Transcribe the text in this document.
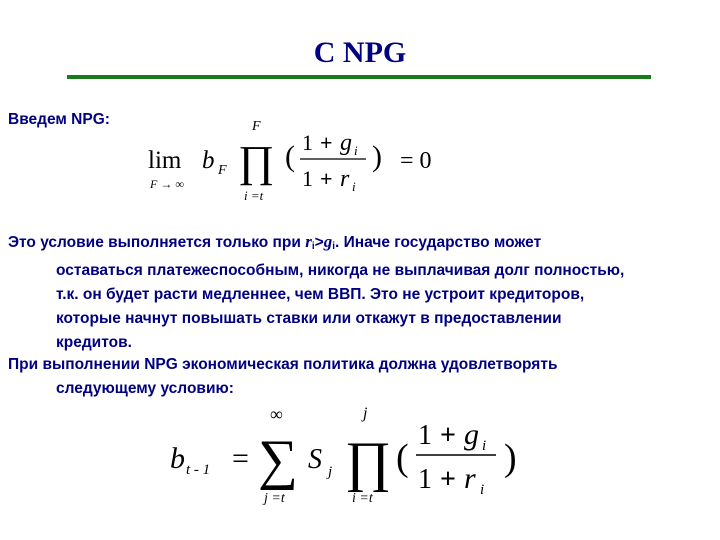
С NPG
Введем NPG:
lim
F → ∞
b F
F
∏
i =t
( 1 + g i
1 + r i
) = 0
Это условие выполняется только при $r_i>g_i$. Иначе государство может
оставаться платежеспособным, никогда не выплачивая долг полностью,
т.к. он будет расти медленнее, чем ВВП. Это не устроит кредиторов,
которые начнут повышать ставки или откажут в предоставлении
кредитов.
При выполнении NPG экономическая политика должна удовлетворять
следующему условию:
b t - 1 =
∞
∑
j =t
S j
j
∏
i =t
(
1 + g i
1 + r i
)
